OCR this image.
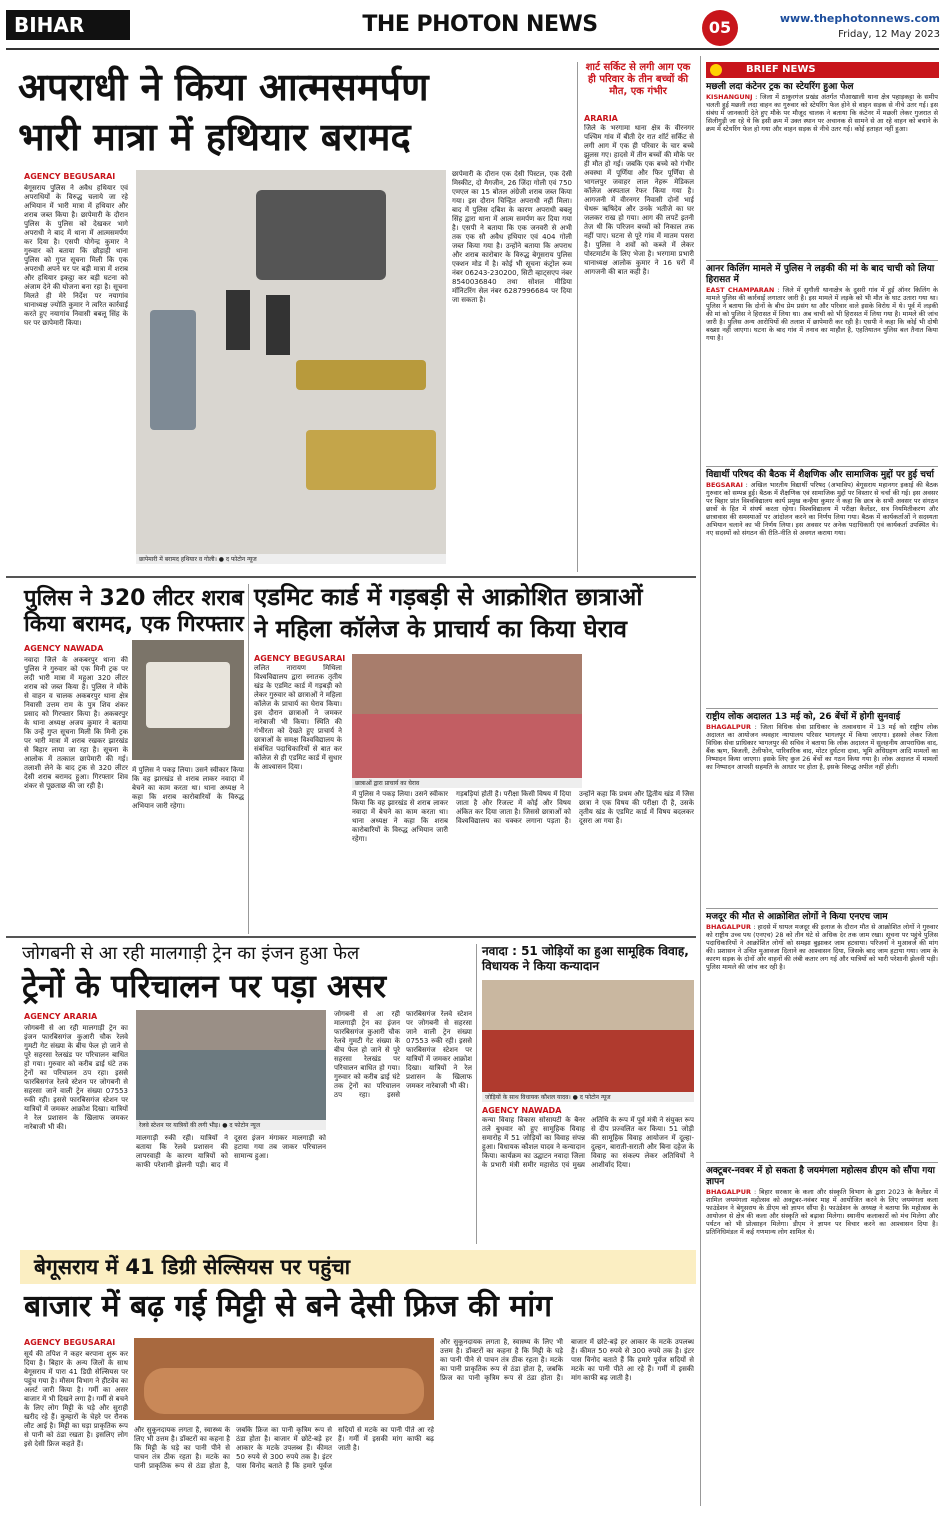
BIHAR	THE PHOTON NEWS	05	www.thephotonnews.com
Friday, 12 May 2023
अपराधी ने किया आत्मसमर्पण
भारी मात्रा में हथियार बरामद
AGENCY BEGUSARAI
बेगूसराय पुलिस ने अवैध हथियार एवं अपराधियों के विरुद्ध चलाये जा रहे अभियान में भारी मात्रा में हथियार और शराब जब्त किया है। छापेमारी के दौरान पुलिस के पुलिस को देखकर भागे अपराधी ने बाद में थाना में आत्मसमर्पण कर दिया है। एसपी योगेन्द्र कुमार ने गुरुवार को बताया कि छौड़ाही थाना पुलिस को गुप्त सूचना मिली कि एक अपराधी अपने घर पर बड़ी मात्रा में शराब और हथियार इकट्ठा कर बड़ी घटना को अंजाम देने की योजना बना रहा है। सूचना मिलते ही मेरे निर्देश पर नयागांव थानाध्यक्ष ज्योति कुमार ने त्वरित कार्रवाई करते हुए नयागांव निवासी बबलू सिंह के घर पर छापेमारी किया।
छापेमारी में बरामद हथियार व गोली। ● द फोटोन न्यूज
छापेमारी के दौरान एक देसी पिस्टल, एक देसी मिस्कीट, दो मैगजीन, 26 जिंदा गोली एवं 750 एमएल का 15 बोतल अंग्रेजी शराब जब्त किया गया। इस दौरान चिन्हित अपराधी नहीं मिला। बाद में पुलिस दबिश के कारण अपराधी बबलू सिंह द्वारा थाना में आत्म समर्पण कर दिया गया है। एसपी ने बताया कि एक जनवरी से अभी तक एक सौ अवैध हथियार एवं 404 गोली जब्त किया गया है। उन्होंने बताया कि अपराध और शराब कारोबार के विरुद्ध बेगूसराय पुलिस एक्शन मोड में है। कोई भी सूचना कंट्रोल रूम नंबर 06243-230200, सिटी व्हाट्सएप नंबर 8540036840 तथा सोशल मीडिया मॉनिटरिंग सेल नंबर 6287996684 पर दिया जा सकता है।
शार्ट सर्किट से लगी आग एक ही परिवार के तीन बच्चों की मौत, एक गंभीर
ARARIA
जिले के भरगामा थाना क्षेत्र के वीरनगर पश्चिम गांव में बीती देर रात शॉर्ट सर्किट से लगी आग में एक ही परिवार के चार बच्चे झुलस गए। हादसे में तीन बच्चों की मौके पर ही मौत हो गई। जबकि एक बच्चे को गंभीर अवस्था में पूर्णिया और फिर पूर्णिया से भागलपुर जवाहर लाल नेहरू मेडिकल कॉलेज अस्पताल रेफर किया गया है। आगजनी में वीरनगर निवासी दोनों भाई चेथरू ऋषिदेव और उनके भतीजे का घर जलकर राख हो गया। आग की लपटें इतनी तेज थी कि परिजन बच्चों को निकाल तक नहीं पाए। घटना से पूरे गांव में मातम पसरा है। पुलिस ने शवों को कब्जे में लेकर पोस्टमार्टम के लिए भेजा है। भरगामा प्रभारी थानाध्यक्ष आलोक कुमार ने 16 घरों में आगजनी की बात कही है।
BRIEF NEWS
मछली लदा कंटेनर ट्रक का स्टेयरिंग हुआ फेल
KISHANGUNJ : जिला में ठाकुरगंज प्रखंड अंतर्गत पौआखाली थाना क्षेत्र पहाड़कट्टा के समीप चलती हुई मछली लदा वाहन का गुरुवार को स्टेयरिंग फेल होने से वाहन सड़क से नीचे उतर गई। इस संबंध में जानकारी देते हुए मौके पर मौजूद चालक ने बताया कि कंटेनर में मछली लेकर गुजरात से सिलीगुड़ी जा रहे थे कि इसी क्रम में उक्त स्थान पर अचानक से सामने से आ रहे वाहन को बचाने के क्रम में स्टेयरिंग फेल हो गया और वाहन सड़क से नीचे उतर गई। कोई हताहत नहीं हुआ।
आनर किलिंग मामले में पुलिस ने लड़की की मां के बाद चाची को लिया हिरासत में
EAST CHAMPARAN : जिले में सुगौली थानाक्षेत्र के दुसरी गांव में हुई ऑनर किलिंग के मामले पुलिस की कार्रवाई लगातार जारी है। इस मामले में लड़के को भी मौत के घाट उतारा गया था। पुलिस ने बताया कि दोनों के बीच प्रेम प्रसंग था और परिवार वाले इसके विरोध में थे। पूर्व में लड़की की मां को पुलिस ने हिरासत में लिया था। अब चाची को भी हिरासत में लिया गया है। मामले की जांच जारी है। पुलिस अन्य आरोपियों की तलाश में छापेमारी कर रही है। एसपी ने कहा कि कोई भी दोषी बख्शा नहीं जाएगा। घटना के बाद गांव में तनाव का माहौल है, एहतियातन पुलिस बल तैनात किया गया है।
विद्यार्थी परिषद की बैठक में शैक्षणिक और सामाजिक मुद्दों पर हुई चर्चा
BEGSARAI : अखिल भारतीय विद्यार्थी परिषद (अभाविप) बेगूसराय महानगर इकाई की बैठक गुरुवार को सम्पन्न हुई। बैठक में शैक्षणिक एवं सामाजिक मुद्दों पर विस्तार से चर्चा की गई। इस अवसर पर बिहार प्रांत विश्वविद्यालय कार्य प्रमुख कन्हैया कुमार ने कहा कि छात्र के सभी अवसर पर संगठन छात्रों के हित में संघर्ष करता रहेगा। विश्वविद्यालय में परीक्षा कैलेंडर, सत्र नियमितीकरण और छात्रावास की समस्याओं पर आंदोलन करने का निर्णय लिया गया। बैठक में कार्यकर्ताओं ने सदस्यता अभियान चलाने का भी निर्णय लिया। इस अवसर पर अनेक पदाधिकारी एवं कार्यकर्ता उपस्थित थे। नए सदस्यों को संगठन की रीति-नीति से अवगत कराया गया।
राष्ट्रीय लोक अदालत 13 मई को, 26 बेंचों में होगी सुनवाई
BHAGALPUR : जिला विधिक सेवा प्राधिकार के तत्वावधान में 13 मई को राष्ट्रीय लोक अदालत का आयोजन व्यवहार न्यायालय परिसर भागलपुर में किया जाएगा। इसको लेकर जिला विधिक सेवा प्राधिकार भागलपुर की सचिव ने बताया कि लोक अदालत में सुलहनीय आपराधिक वाद, बैंक ऋण, बिजली, टेलीफोन, पारिवारिक वाद, मोटर दुर्घटना दावा, भूमि अधिग्रहण आदि मामलों का निष्पादन किया जाएगा। इसके लिए कुल 26 बेंचों का गठन किया गया है। लोक अदालत में मामलों का निष्पादन आपसी सहमति के आधार पर होता है, इसके विरुद्ध अपील नहीं होती।
मजदूर की मौत से आक्रोशित लोगों ने किया एनएच जाम
BHAGALPUR : हादसे में घायल मजदूर की इलाज के दौरान मौत से आक्रोशित लोगों ने गुरुवार को राष्ट्रीय उच्च पथ (एनएच) 28 को तीन घंटे से अधिक देर तक जाम रखा। सूचना पर पहुंचे पुलिस पदाधिकारियों ने आक्रोशित लोगों को समझा बुझाकर जाम हटवाया। परिजनों ने मुआवजे की मांग की। प्रशासन ने उचित मुआवजा दिलाने का आश्वासन दिया, जिसके बाद जाम हटाया गया। जाम के कारण सड़क के दोनों ओर वाहनों की लंबी कतार लग गई और यात्रियों को भारी परेशानी झेलनी पड़ी। पुलिस मामले की जांच कर रही है।
अक्टूबर-नवबर में हो सकता है जयमंगला महोत्सव डीएम को सौंपा गया ज्ञापन
BHAGALPUR : बिहार सरकार के कला और संस्कृति विभाग के द्वारा 2023 के कैलेंडर में शामिल जयमंगला महोत्सव को अक्टूबर-नवंबर माह में आयोजित करने के लिए जयमंगला कला फाउंडेशन ने बेगूसराय के डीएम को ज्ञापन सौंपा है। फाउंडेशन के अध्यक्ष ने बताया कि महोत्सव के आयोजन से क्षेत्र की कला और संस्कृति को बढ़ावा मिलेगा। स्थानीय कलाकारों को मंच मिलेगा और पर्यटन को भी प्रोत्साहन मिलेगा। डीएम ने ज्ञापन पर विचार करने का आश्वासन दिया है। प्रतिनिधिमंडल में कई गणमान्य लोग शामिल थे।
पुलिस ने 320 लीटर शराब किया बरामद, एक गिरफ्तार
AGENCY NAWADA
नवादा जिले के अकबरपुर थाना की पुलिस ने गुरुवार को एक मिनी ट्रक पर लदी भारी मात्रा में महुआ 320 लीटर शराब को जब्त किया है। पुलिस ने मौके से वाहन व चालक अकबरपुर थाना क्षेत्र निवासी उत्तम राम के पुत्र शिव शंकर प्रसाद को गिरफ्तार किया है। अकबरपुर के थाना अध्यक्ष अजय कुमार ने बताया कि उन्हें गुप्त सूचना मिली कि मिनी ट्रक पर भारी मात्रा में शराब रखकर झारखंड से बिहार लाया जा रहा है। सूचना के आलोक में तत्काल छापेमारी की गई। तलाशी लेने के बाद ट्रक से 320 लीटर देसी शराब बरामद हुआ। गिरफ्तार शिव शंकर से पूछताछ की जा रही है।
में पुलिस ने पकड़ लिया। उसने स्वीकार किया कि वह झारखंड से शराब लाकर नवादा में बेचने का काम करता था। थाना अध्यक्ष ने कहा कि शराब कारोबारियों के विरुद्ध अभियान जारी रहेगा।
एडमिट कार्ड में गड़बड़ी से आक्रोशित छात्राओं
ने महिला कॉलेज के प्राचार्य का किया घेराव
AGENCY BEGUSARAI
ललित नारायण मिथिला विश्वविद्यालय द्वारा स्नातक तृतीय खंड के एडमिट कार्ड में गड़बड़ी को लेकर गुरुवार को छात्राओं ने महिला कॉलेज के प्राचार्य का घेराव किया। इस दौरान छात्राओं ने जमकर नारेबाजी भी किया। स्थिति की गंभीरता को देखते हुए प्राचार्य ने छात्राओं के समक्ष विश्वविद्यालय के संबंधित पदाधिकारियों से बात कर कॉलेज से ही एडमिट कार्ड में सुधार के आश्वासन दिया।
छात्राओं द्वारा प्राचार्य का घेराव
गड़बड़ियां होती है। परीक्षा किसी विषय में दिया जाता है और रिजल्ट में कोई और विषय अंकित कर दिया जाता है। जिससे छात्राओं को विश्वविद्यालय का चक्कर लगाना पड़ता है। उन्होंने कहा कि प्रथम और द्वितीय खंड में जिस छात्रा ने एक विषय की परीक्षा दी है, उसके तृतीय खंड के एडमिट कार्ड में विषय बदलकर दूसरा आ गया है।
में पुलिस ने पकड़ लिया। उसने स्वीकार किया कि वह झारखंड से शराब लाकर नवादा में बेचने का काम करता था। थाना अध्यक्ष ने कहा कि शराब कारोबारियों के विरुद्ध अभियान जारी रहेगा।
जोगबनी से आ रही मालगाड़ी ट्रेन का इंजन हुआ फेल
ट्रेनों के परिचालन पर पड़ा असर
AGENCY ARARIA
जोगबनी से आ रही मालगाड़ी ट्रेन का इंजन फारबिसगंज कुआरी चौक रेलवे गुमटी गेट संख्या के बीच फेल हो जाने से पूरे सहरसा रेलखंड पर परिचालन बाधित हो गया। गुरुवार को करीब ढाई घंटे तक ट्रेनों का परिचालन ठप रहा। इससे फारबिसगंज रेलवे स्टेशन पर जोगबनी से सहरसा जाने वाली ट्रेन संख्या 07553 रुकी रही। इससे फारबिसगंज स्टेशन पर यात्रियों में जमकर आक्रोश दिखा। यात्रियों ने रेल प्रशासन के खिलाफ जमकर नारेबाजी भी की।	रेलवे स्टेशन पर यात्रियों की लगी भीड़। ● द फोटोन न्यूज
मालगाड़ी रुकी रही। यात्रियों ने बताया कि रेलवे प्रशासन की लापरवाही के कारण यात्रियों को काफी परेशानी झेलनी पड़ी। बाद में दूसरा इंजन मंगाकर मालगाड़ी को हटाया गया तब जाकर परिचालन सामान्य हुआ।
जोगबनी से आ रही मालगाड़ी ट्रेन का इंजन फारबिसगंज कुआरी चौक रेलवे गुमटी गेट संख्या के बीच फेल हो जाने से पूरे सहरसा रेलखंड पर परिचालन बाधित हो गया। गुरुवार को करीब ढाई घंटे तक ट्रेनों का परिचालन ठप रहा। इससे फारबिसगंज रेलवे स्टेशन पर जोगबनी से सहरसा जाने वाली ट्रेन संख्या 07553 रुकी रही। इससे फारबिसगंज स्टेशन पर यात्रियों में जमकर आक्रोश दिखा। यात्रियों ने रेल प्रशासन के खिलाफ जमकर नारेबाजी भी की।
नवादा : 51 जोड़ियों का हुआ सामूहिक विवाह, विधायक ने किया कन्यादान
जोड़ियों के साथ विधायक कौशल यादव। ● द फोटोन न्यूज
AGENCY NAWADA
कन्या विवाह विकास सोसायटी के बैनर तले बुधवार को हुए सामूहिक विवाह समारोह में 51 जोड़ियों का विवाह संपन्न हुआ। विधायक कौशल यादव ने कन्यादान किया। कार्यक्रम का उद्घाटन नवादा जिला के प्रभारी मंत्री समीर महासेठ एवं मुख्य अतिथि के रूप में पूर्व मंत्री ने संयुक्त रूप से दीप प्रज्वलित कर किया। 51 जोड़ी की सामूहिक विवाह आयोजन में दूल्हा-दुल्हन, बाराती-सराती और बिना दहेज के विवाह का संकल्प लेकर अतिथियों ने आशीर्वाद दिया।
बेगूसराय में 41 डिग्री सेल्सियस पर पहुंचा
बाजार में बढ़ गई मिट्टी से बने देसी फ्रिज की मांग
AGENCY BEGUSARAI
सूर्य की तपिश ने कहर बरपाना शुरू कर दिया है। बिहार के अन्य जिलों के साथ बेगूसराय में पारा 41 डिग्री सेल्सियस पर पहुंच गया है। मौसम विभाग ने हीटवेव का अलर्ट जारी किया है। गर्मी का असर बाजार में भी दिखने लगा है। गर्मी से बचने के लिए लोग मिट्टी के घड़े और सुराही खरीद रहे हैं। कुम्हारों के चेहरे पर रौनक लौट आई है। मिट्टी का घड़ा प्राकृतिक रूप से पानी को ठंडा रखता है। इसलिए लोग इसे देसी फ्रिज कहते हैं।
और सुकूनदायक लगता है, स्वास्थ्य के लिए भी उत्तम है। डॉक्टरों का कहना है कि मिट्टी के घड़े का पानी पीने से पाचन तंत्र ठीक रहता है। मटके का पानी प्राकृतिक रूप से ठंडा होता है, जबकि फ्रिज का पानी कृत्रिम रूप से ठंडा होता है। बाजार में छोटे-बड़े हर आकार के मटके उपलब्ध हैं। कीमत 50 रुपये से 300 रुपये तक है। इंटर पास विनोद बताते हैं कि हमारे पूर्वज सदियों से मटके का पानी पीते आ रहे हैं। गर्मी में इसकी मांग काफी बढ़ जाती है।
और सुकूनदायक लगता है, स्वास्थ्य के लिए भी उत्तम है। डॉक्टरों का कहना है कि मिट्टी के घड़े का पानी पीने से पाचन तंत्र ठीक रहता है। मटके का पानी प्राकृतिक रूप से ठंडा होता है, जबकि फ्रिज का पानी कृत्रिम रूप से ठंडा होता है। बाजार में छोटे-बड़े हर आकार के मटके उपलब्ध हैं। कीमत 50 रुपये से 300 रुपये तक है। इंटर पास विनोद बताते हैं कि हमारे पूर्वज सदियों से मटके का पानी पीते आ रहे हैं। गर्मी में इसकी मांग काफी बढ़ जाती है।
